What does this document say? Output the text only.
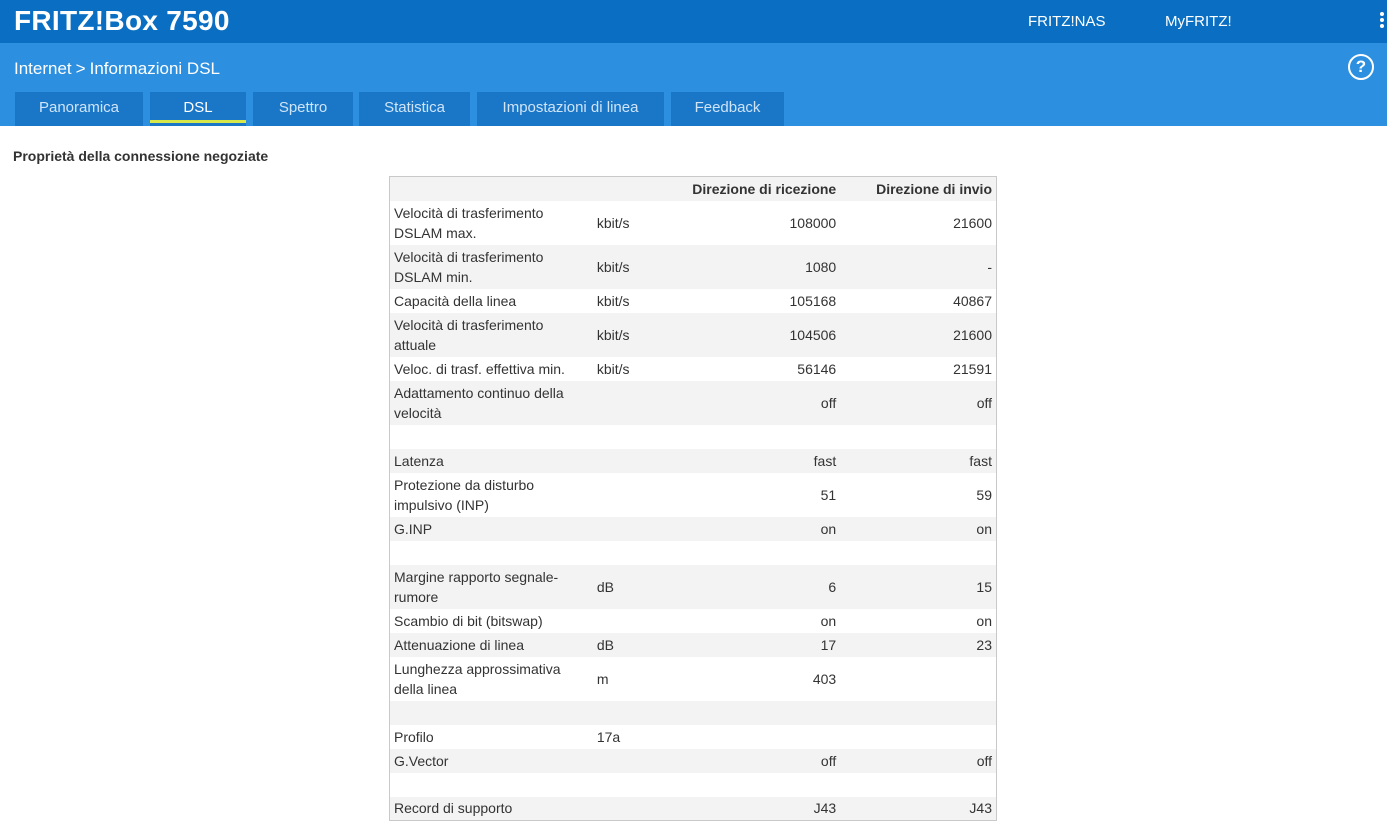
FRITZ!Box 7590	FRITZ!NAS	MyFRITZ!
Internet > Informazioni DSL	?
Panoramica	DSL	Spettro	Statistica	Impostazioni di linea	Feedback
Proprietà della connessione negoziate
		Direzione di ricezione	Direzione di invio
Velocità di trasferimento DSLAM max.	kbit/s	108000	21600
Velocità di trasferimento DSLAM min.	kbit/s	1080	-
Capacità della linea	kbit/s	105168	40867
Velocità di trasferimento attuale	kbit/s	104506	21600
Veloc. di trasf. effettiva min.	kbit/s	56146	21591
Adattamento continuo della velocità		off	off

Latenza		fast	fast
Protezione da disturbo impulsivo (INP)		51	59
G.INP		on	on

Margine rapporto segnale-rumore	dB	6	15
Scambio di bit (bitswap)		on	on
Attenuazione di linea	dB	17	23
Lunghezza approssimativa della linea	m	403	

Profilo	17a		
G.Vector		off	off

Record di supporto		J43	J43
